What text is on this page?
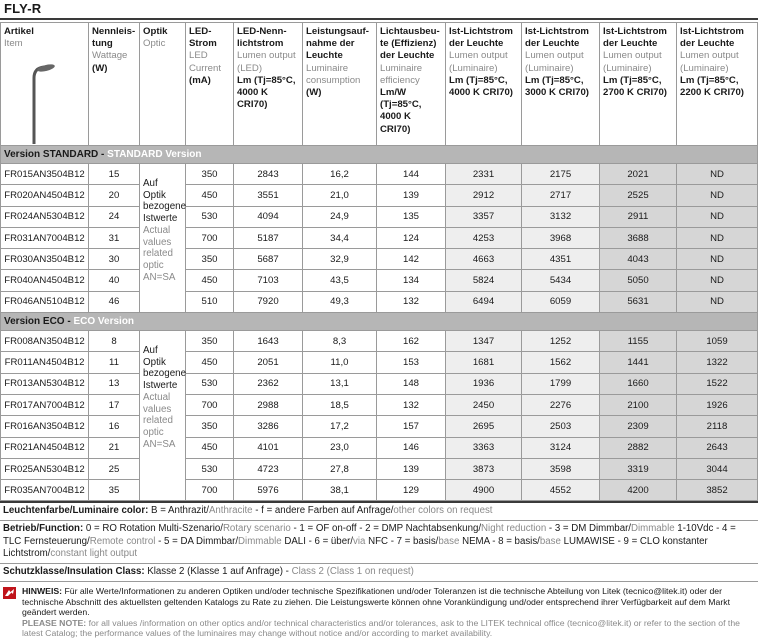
FLY-R
Artikel
Item	Nennleis-tung
Wattage
(W)	Optik
Optic	LED-Strom
LED Current
(mA)	LED-Nenn-lichtstrom
Lumen output (LED)
Lm (Tj=85°C, 4000 K CRI70)	Leistungsauf-nahme der Leuchte
Luminaire consumption
(W)	Lichtausbeu-te (Effizienz) der Leuchte
Luminaire efficiency
Lm/W (Tj=85°C, 4000 K CRI70)	Ist-Lichtstrom der Leuchte
Lumen output (Luminaire)
Lm (Tj=85°C, 4000 K CRI70)	Ist-Lichtstrom der Leuchte
Lumen output (Luminaire)
Lm (Tj=85°C, 3000 K CRI70)	Ist-Lichtstrom der Leuchte
Lumen output (Luminaire)
Lm (Tj=85°C, 2700 K CRI70)	Ist-Lichtstrom der Leuchte
Lumen output (Luminaire)
Lm (Tj=85°C, 2200 K CRI70)

Version STANDARD - STANDARD Version										
FR015AN3504B12	15	Auf Optik bezogene Istwerte
Actual values related optic AN=SA	350	2843	16,2	144	2331	2175	2021	ND
FR020AN4504B12	20		450	3551	21,0	139	2912	2717	2525	ND
FR024AN5304B12	24		530	4094	24,9	135	3357	3132	2911	ND
FR031AN7004B12	31		700	5187	34,4	124	4253	3968	3688	ND
FR030AN3504B12	30		350	5687	32,9	142	4663	4351	4043	ND
FR040AN4504B12	40		450	7103	43,5	134	5824	5434	5050	ND
FR046AN5104B12	46		510	7920	49,3	132	6494	6059	5631	ND
Version ECO - ECO Version										
FR008AN3504B12	8	Auf Optik bezogene Istwerte
Actual values related optic AN=SA	350	1643	8,3	162	1347	1252	1155	1059
FR011AN4504B12	11		450	2051	11,0	153	1681	1562	1441	1322
FR013AN5304B12	13		530	2362	13,1	148	1936	1799	1660	1522
FR017AN7004B12	17		700	2988	18,5	132	2450	2276	2100	1926
FR016AN3504B12	16		350	3286	17,2	157	2695	2503	2309	2118
FR021AN4504B12	21		450	4101	23,0	146	3363	3124	2882	2643
FR025AN5304B12	25		530	4723	27,8	139	3873	3598	3319	3044
FR035AN7004B12	35		700	5976	38,1	129	4900	4552	4200	3852
Leuchtenfarbe/Luminaire color: B = Anthrazit/Anthracite - f = andere Farben auf Anfrage/other colors on request
Betrieb/Function: 0 = RO Rotation Multi-Szenario/Rotary scenario - 1 = OF on-off - 2 = DMP Nachtabsenkung/Night reduction - 3 = DM Dimmbar/Dimmable 1-10Vdc - 4 = TLC Fernsteuerung/Remote control - 5 = DA Dimmbar/Dimmable DALI - 6 = über/via NFC - 7 = basis/base NEMA - 8 = basis/base LUMAWISE - 9 = CLO konstanter Lichtstrom/constant light output
Schutzklasse/Insulation Class: Klasse 2 (Klasse 1 auf Anfrage) - Class 2 (Class 1 on request)
HINWEIS: Für alle Werte/Informationen zu anderen Optiken und/oder technische Spezifikationen und/oder Toleranzen ist die technische Abteilung von Litek (tecnico@litek.it) oder der technische Abschnitt des aktuellsten geltenden Katalogs zu Rate zu ziehen. Die Leistungswerte können ohne Vorankündigung und/oder entsprechend ihrer Verfügbarkeit auf dem Markt geändert werden.
PLEASE NOTE: for all values /information on other optics and/or technical characteristics and/or tolerances, ask to the LITEK technical office (tecnico@litek.it) or refer to the section of the latest Catalog; the performance values of the luminaires may change without notice and/or according to market availability.
